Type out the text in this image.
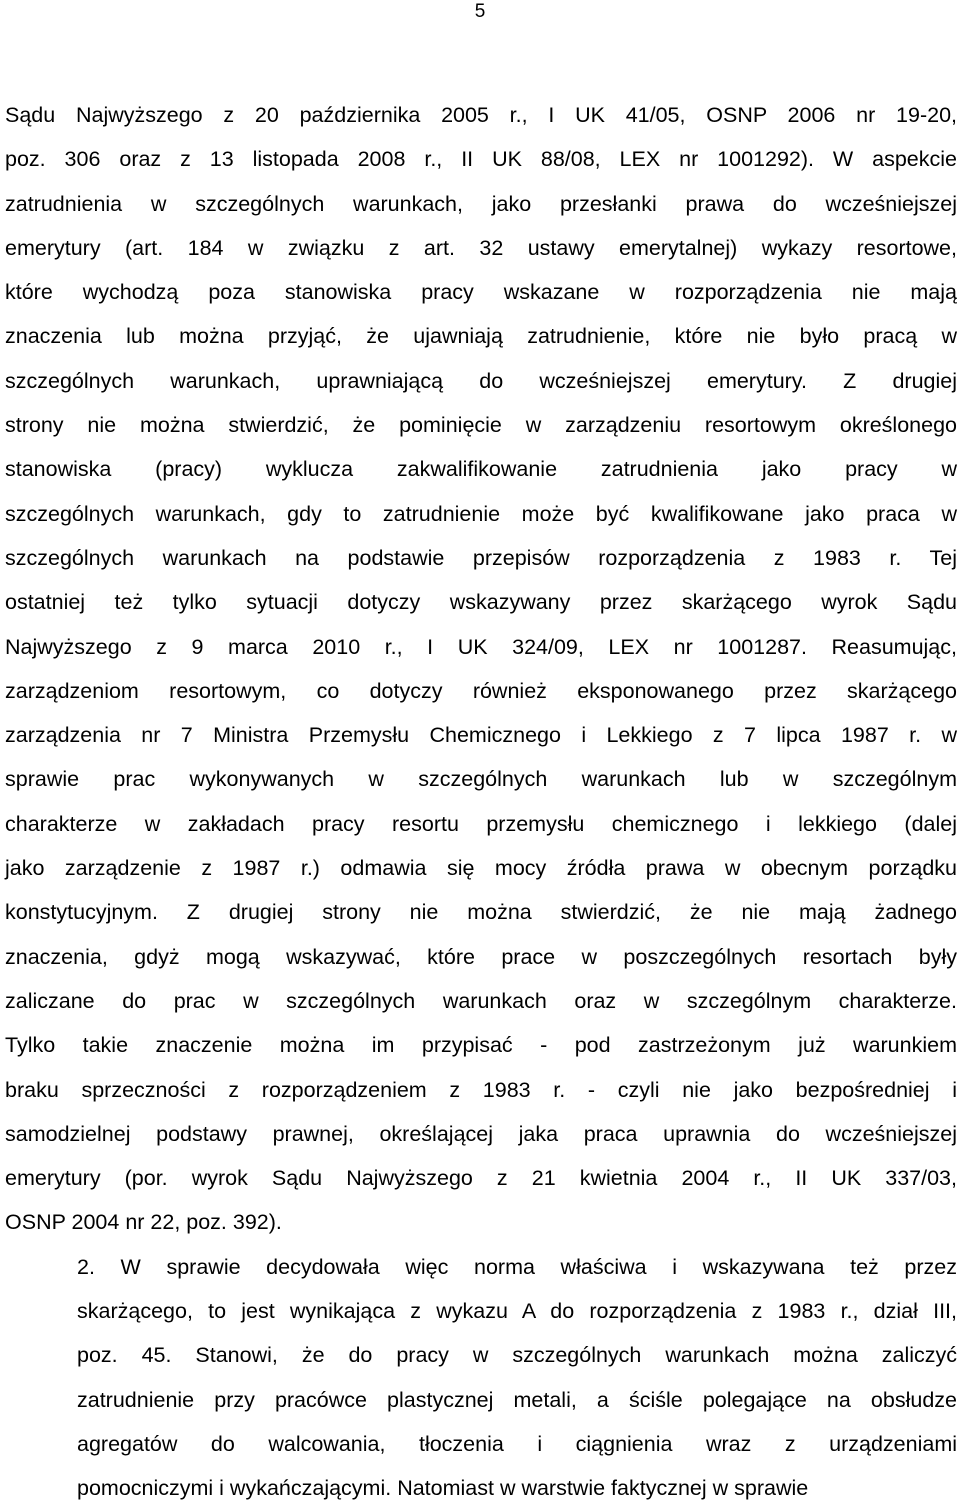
5

Sądu Najwyższego z 20 października 2005 r., I UK 41/05, OSNP 2006 nr 19-20,
poz. 306 oraz z 13 listopada 2008 r., II UK 88/08, LEX nr 1001292). W aspekcie
zatrudnienia w szczególnych warunkach, jako przesłanki prawa do wcześniejszej
emerytury (art. 184 w związku z art. 32 ustawy emerytalnej) wykazy resortowe,
które wychodzą poza stanowiska pracy wskazane w rozporządzenia nie mają
znaczenia lub można przyjąć, że ujawniają zatrudnienie, które nie było pracą w
szczególnych warunkach, uprawniającą do wcześniejszej emerytury. Z drugiej
strony nie można stwierdzić, że pominięcie w zarządzeniu resortowym określonego
stanowiska (pracy) wyklucza zakwalifikowanie zatrudnienia jako pracy w
szczególnych warunkach, gdy to zatrudnienie może być kwalifikowane jako praca w
szczególnych warunkach na podstawie przepisów rozporządzenia z 1983 r. Tej
ostatniej też tylko sytuacji dotyczy wskazywany przez skarżącego wyrok Sądu
Najwyższego z 9 marca 2010 r., I UK 324/09, LEX nr 1001287. Reasumując,
zarządzeniom resortowym, co dotyczy również eksponowanego przez skarżącego
zarządzenia nr 7 Ministra Przemysłu Chemicznego i Lekkiego z 7 lipca 1987 r. w
sprawie prac wykonywanych w szczególnych warunkach lub w szczególnym
charakterze w zakładach pracy resortu przemysłu chemicznego i lekkiego (dalej
jako zarządzenie z 1987 r.) odmawia się mocy źródła prawa w obecnym porządku
konstytucyjnym. Z drugiej strony nie można stwierdzić, że nie mają żadnego
znaczenia, gdyż mogą wskazywać, które prace w poszczególnych resortach były
zaliczane do prac w szczególnych warunkach oraz w szczególnym charakterze.
Tylko takie znaczenie można im przypisać - pod zastrzeżonym już warunkiem
braku sprzeczności z rozporządzeniem z 1983 r. - czyli nie jako bezpośredniej i
samodzielnej podstawy prawnej, określającej jaka praca uprawnia do wcześniejszej
emerytury (por. wyrok Sądu Najwyższego z 21 kwietnia 2004 r., II UK 337/03,
OSNP 2004 nr 22, poz. 392).

2. W sprawie decydowała więc norma właściwa i wskazywana też przez
skarżącego, to jest wynikająca z wykazu A do rozporządzenia z 1983 r., dział III,
poz. 45. Stanowi, że do pracy w szczególnych warunkach można zaliczyć
zatrudnienie przy pracówce plastycznej metali, a ściśle polegające na obsłudze
agregatów do walcowania, tłoczenia i ciągnienia wraz z urządzeniami
pomocniczymi i wykańczającymi. Natomiast w warstwie faktycznej w sprawie
